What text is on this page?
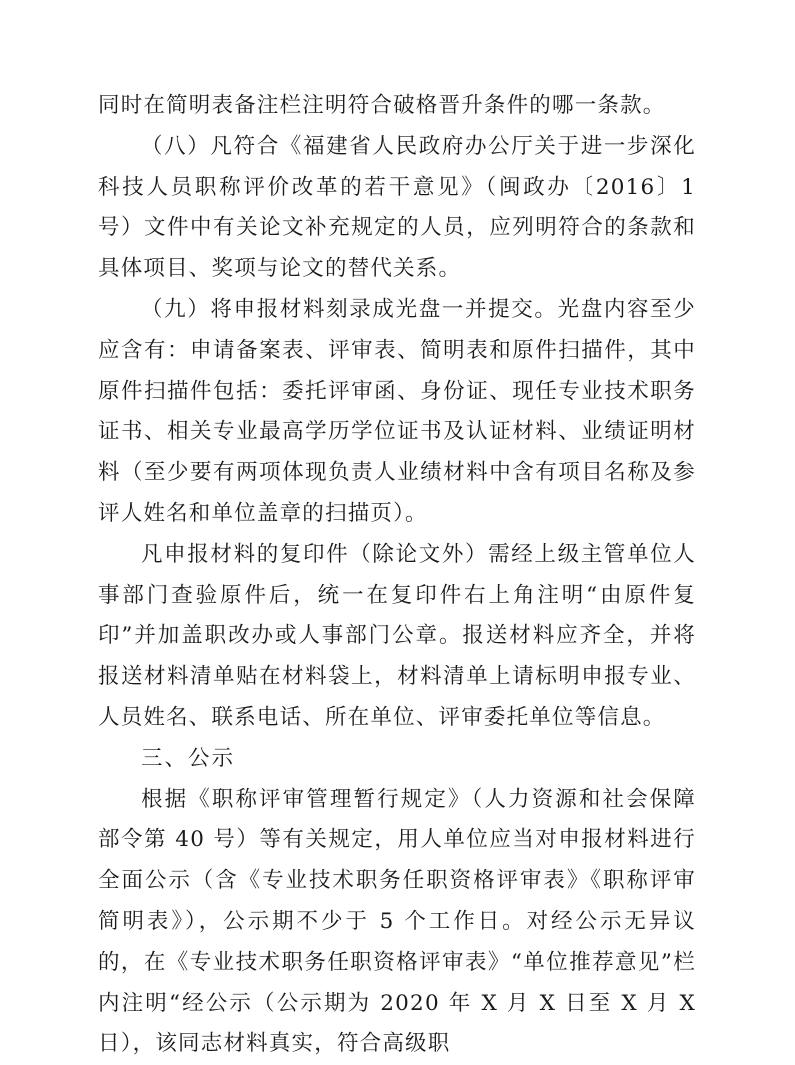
同时在简明表备注栏注明符合破格晋升条件的哪一条款。

（八）凡符合《福建省人民政府办公厅关于进一步深化科技人员职称评价改革的若干意见》（闽政办〔2016〕1 号）文件中有关论文补充规定的人员，应列明符合的条款和具体项目、奖项与论文的替代关系。

（九）将申报材料刻录成光盘一并提交。光盘内容至少应含有：申请备案表、评审表、简明表和原件扫描件，其中原件扫描件包括：委托评审函、身份证、现任专业技术职务证书、相关专业最高学历学位证书及认证材料、业绩证明材料（至少要有两项体现负责人业绩材料中含有项目名称及参评人姓名和单位盖章的扫描页）。

凡申报材料的复印件（除论文外）需经上级主管单位人事部门查验原件后，统一在复印件右上角注明“由原件复印”并加盖职改办或人事部门公章。报送材料应齐全，并将报送材料清单贴在材料袋上，材料清单上请标明申报专业、人员姓名、联系电话、所在单位、评审委托单位等信息。

三、公示

根据《职称评审管理暂行规定》（人力资源和社会保障部令第 40 号）等有关规定，用人单位应当对申报材料进行全面公示（含《专业技术职务任职资格评审表》《职称评审简明表》），公示期不少于 5 个工作日。对经公示无异议的，在《专业技术职务任职资格评审表》“单位推荐意见”栏内注明“经公示（公示期为 2020 年 X 月 X 日至 X 月 X 日），该同志材料真实，符合高级职
